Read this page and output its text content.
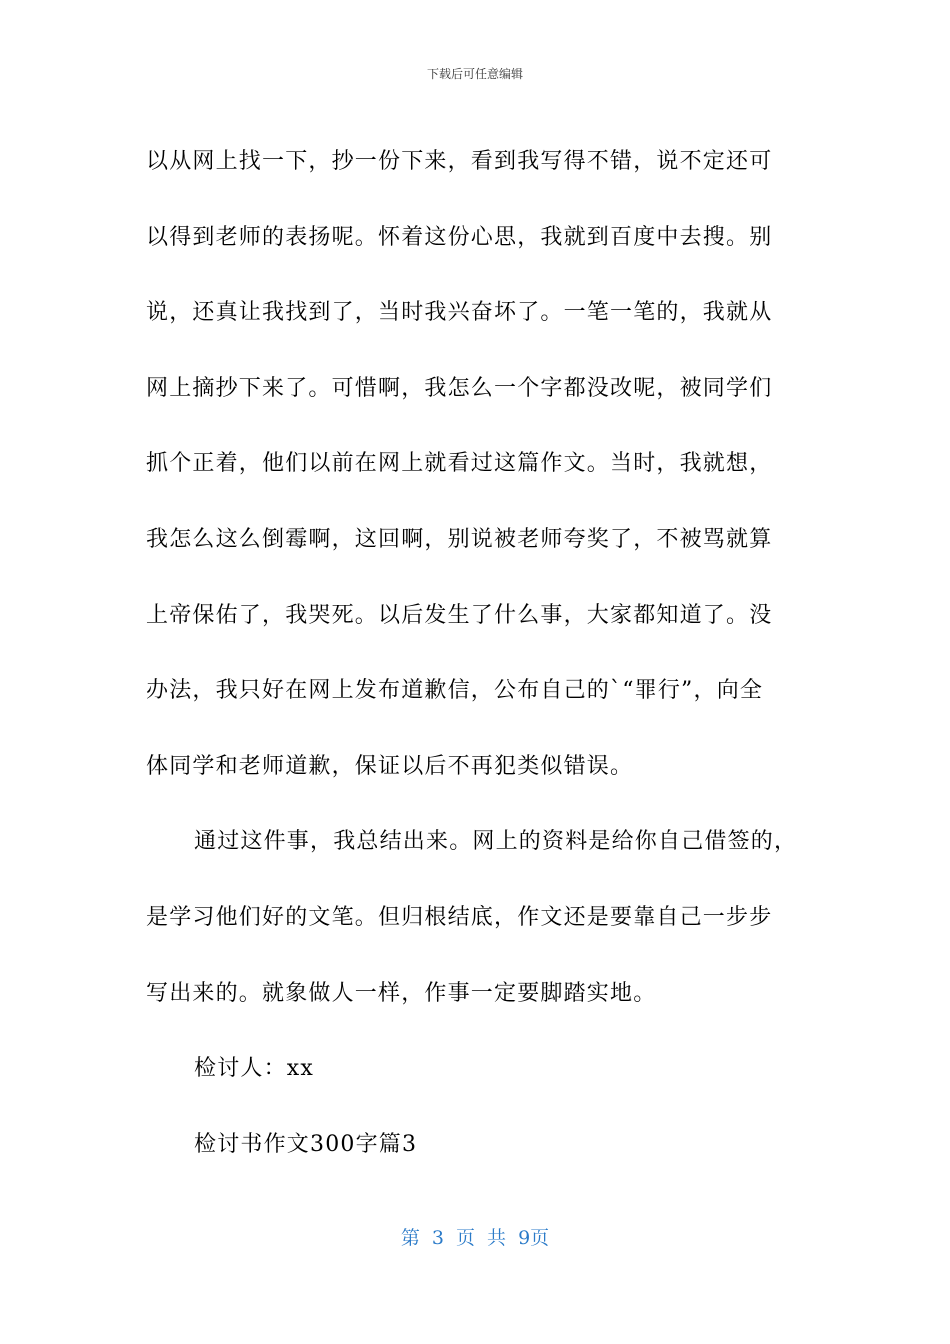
下载后可任意编辑
以从网上找一下，抄一份下来，看到我写得不错，说不定还可
以得到老师的表扬呢。怀着这份心思，我就到百度中去搜。别
说，还真让我找到了，当时我兴奋坏了。一笔一笔的，我就从
网上摘抄下来了。可惜啊，我怎么一个字都没改呢，被同学们
抓个正着，他们以前在网上就看过这篇作文。当时，我就想，
我怎么这么倒霉啊，这回啊，别说被老师夸奖了，不被骂就算
上帝保佑了，我哭死。以后发生了什么事，大家都知道了。没
办法，我只好在网上发布道歉信，公布自己的`“罪行”，向全
体同学和老师道歉，保证以后不再犯类似错误。
通过这件事，我总结出来。网上的资料是给你自己借签的，
是学习他们好的文笔。但归根结底，作文还是要靠自己一步步
写出来的。就象做人一样，作事一定要脚踏实地。
检讨人：xx
检讨书作文300字篇3
第 3 页 共 9页
